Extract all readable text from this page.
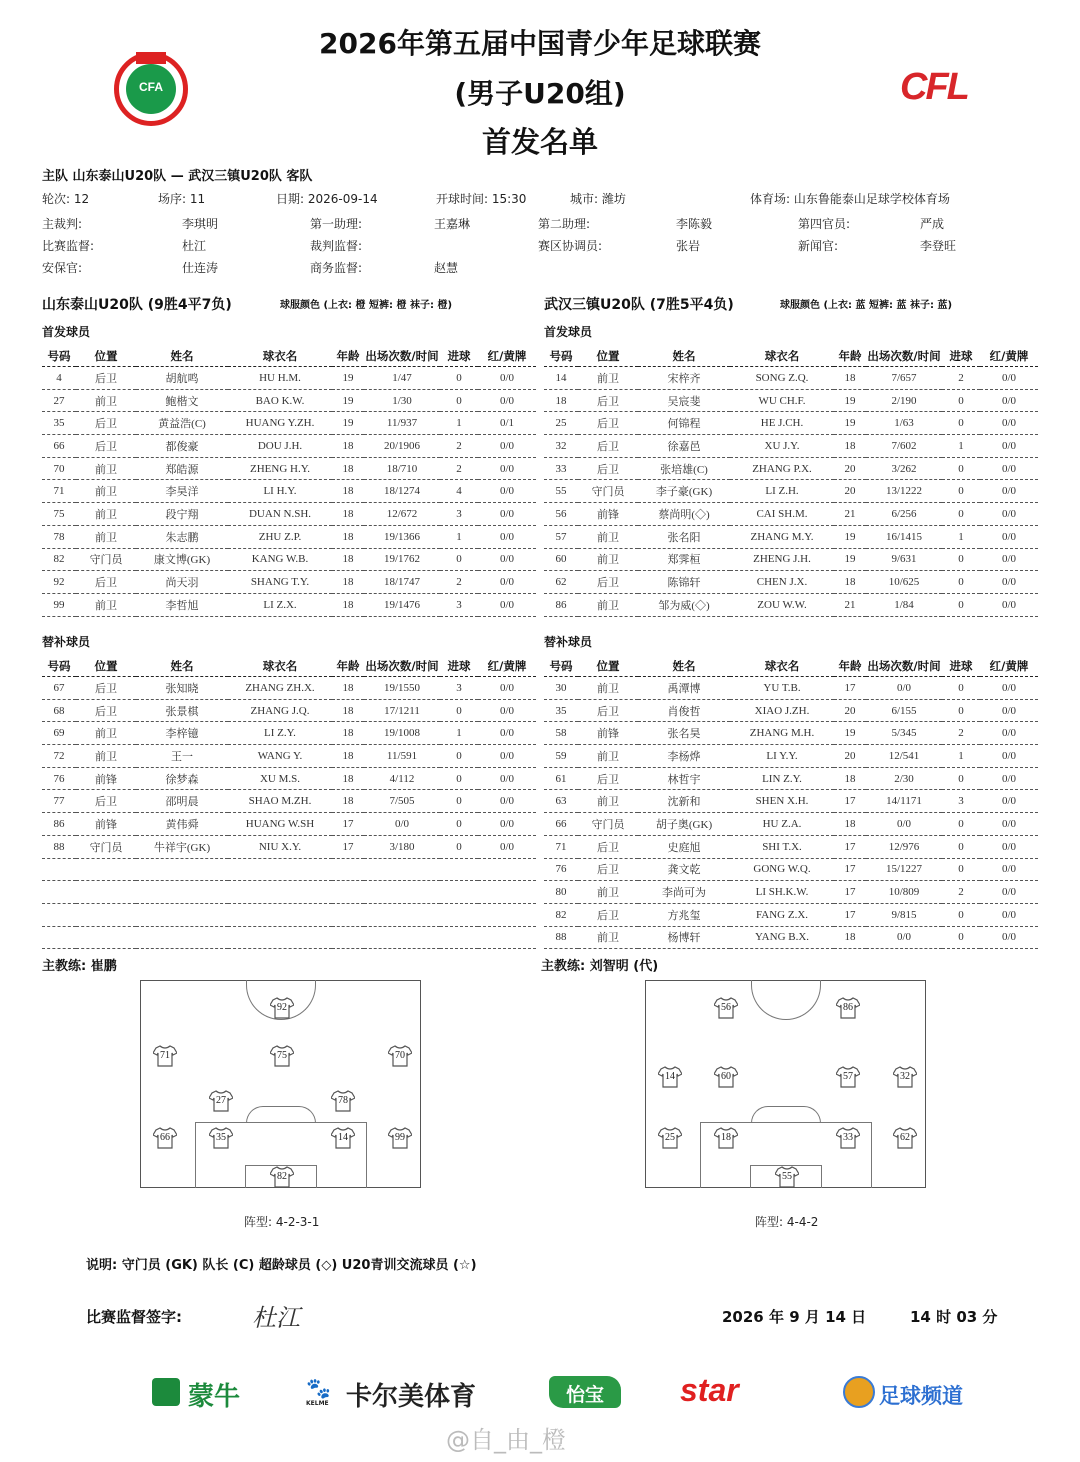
2026年第五届中国青少年足球联赛
(男子U20组)
首发名单
CFA	CFL
主队 山东泰山U20队 — 武汉三镇U20队 客队
轮次: 12	场序: 11	日期: 2026-09-14	开球时间: 15:30	城市: 潍坊	体育场: 山东鲁能泰山足球学校体育场
主裁判:	李琪明	第一助理:	王嘉琳	第二助理:	李陈毅	第四官员:	严成
比赛监督:	杜江	裁判监督:	赛区协调员:	张岩	新闻官:	李登旺
安保官:	仕连涛	商务监督:	赵慧
山东泰山U20队 (9胜4平7负)	球服颜色 (上衣: 橙 短裤: 橙 袜子: 橙)	武汉三镇U20队 (7胜5平4负)	球服颜色 (上衣: 蓝 短裤: 蓝 袜子: 蓝)
首发球员	首发球员
号码	位置	姓名	球衣名	年龄	出场次数/时间	进球	红/黄牌
4	后卫	胡航鸣	HU H.M.	19	1/47	0	0/0
27	前卫	鲍楷文	BAO K.W.	19	1/30	0	0/0
35	后卫	黄益浩(C)	HUANG Y.ZH.	19	11/937	1	0/1
66	后卫	都俊豪	DOU J.H.	18	20/1906	2	0/0
70	前卫	郑皓源	ZHENG H.Y.	18	18/710	2	0/0
71	前卫	李昊洋	LI H.Y.	18	18/1274	4	0/0
75	前卫	段宁翔	DUAN N.SH.	18	12/672	3	0/0
78	前卫	朱志鹏	ZHU Z.P.	18	19/1366	1	0/0
82	守门员	康文博(GK)	KANG W.B.	18	19/1762	0	0/0
92	后卫	尚天羽	SHANG T.Y.	18	18/1747	2	0/0
99	前卫	李哲旭	LI Z.X.	18	19/1476	3	0/0
号码	位置	姓名	球衣名	年龄	出场次数/时间	进球	红/黄牌
14	前卫	宋梓齐	SONG Z.Q.	18	7/657	2	0/0
18	后卫	吴宸斐	WU CH.F.	19	2/190	0	0/0
25	后卫	何锦程	HE J.CH.	19	1/63	0	0/0
32	后卫	徐嘉邑	XU J.Y.	18	7/602	1	0/0
33	后卫	张培雄(C)	ZHANG P.X.	20	3/262	0	0/0
55	守门员	李子豪(GK)	LI Z.H.	20	13/1222	0	0/0
56	前锋	蔡尚明(◇)	CAI SH.M.	21	6/256	0	0/0
57	前卫	张名阳	ZHANG M.Y.	19	16/1415	1	0/0
60	前卫	郑霁桓	ZHENG J.H.	19	9/631	0	0/0
62	后卫	陈锦轩	CHEN J.X.	18	10/625	0	0/0
86	前卫	邹为威(◇)	ZOU W.W.	21	1/84	0	0/0
替补球员	替补球员
号码	位置	姓名	球衣名	年龄	出场次数/时间	进球	红/黄牌
67	后卫	张知晓	ZHANG ZH.X.	18	19/1550	3	0/0
68	后卫	张景棋	ZHANG J.Q.	18	17/1211	0	0/0
69	前卫	李梓镱	LI Z.Y.	18	19/1008	1	0/0
72	前卫	王一	WANG Y.	18	11/591	0	0/0
76	前锋	徐梦森	XU M.S.	18	4/112	0	0/0
77	后卫	邵明晨	SHAO M.ZH.	18	7/505	0	0/0
86	前锋	黄伟舜	HUANG W.SH	17	0/0	0	0/0
88	守门员	牛祥宇(GK)	NIU X.Y.	17	3/180	0	0/0

号码	位置	姓名	球衣名	年龄	出场次数/时间	进球	红/黄牌
30	前卫	禹潭博	YU T.B.	17	0/0	0	0/0
35	后卫	肖俊哲	XIAO J.ZH.	20	6/155	0	0/0
58	前锋	张名昊	ZHANG M.H.	19	5/345	2	0/0
59	前卫	李杨烨	LI Y.Y.	20	12/541	1	0/0
61	后卫	林哲宇	LIN Z.Y.	18	2/30	0	0/0
63	前卫	沈新和	SHEN X.H.	17	14/1171	3	0/0
66	守门员	胡子奥(GK)	HU Z.A.	18	0/0	0	0/0
71	后卫	史庭旭	SHI T.X.	17	12/976	0	0/0
76	后卫	龚文乾	GONG W.Q.	17	15/1227	0	0/0
80	前卫	李尚可为	LI SH.K.W.	17	10/809	2	0/0
82	后卫	方兆玺	FANG Z.X.	17	9/815	0	0/0
88	前卫	杨博轩	YANG B.X.	18	0/0	0	0/0
主教练: 崔鹏	主教练: 刘智明 (代)
92
71	75	70
27	78
66	35	14	99
82
56	86
14	60	57	32
25	18	33	62
55
阵型: 4-2-3-1	阵型: 4-4-2
说明: 守门员 (GK) 队长 (C) 超龄球员 (◇) U20青训交流球员 (☆)
比赛监督签字:	杜江	2026 年 9 月 14 日	14 时 03 分
蒙牛	🐾
KELME 卡尔美体育	怡宝	star	足球频道
@自_由_橙
